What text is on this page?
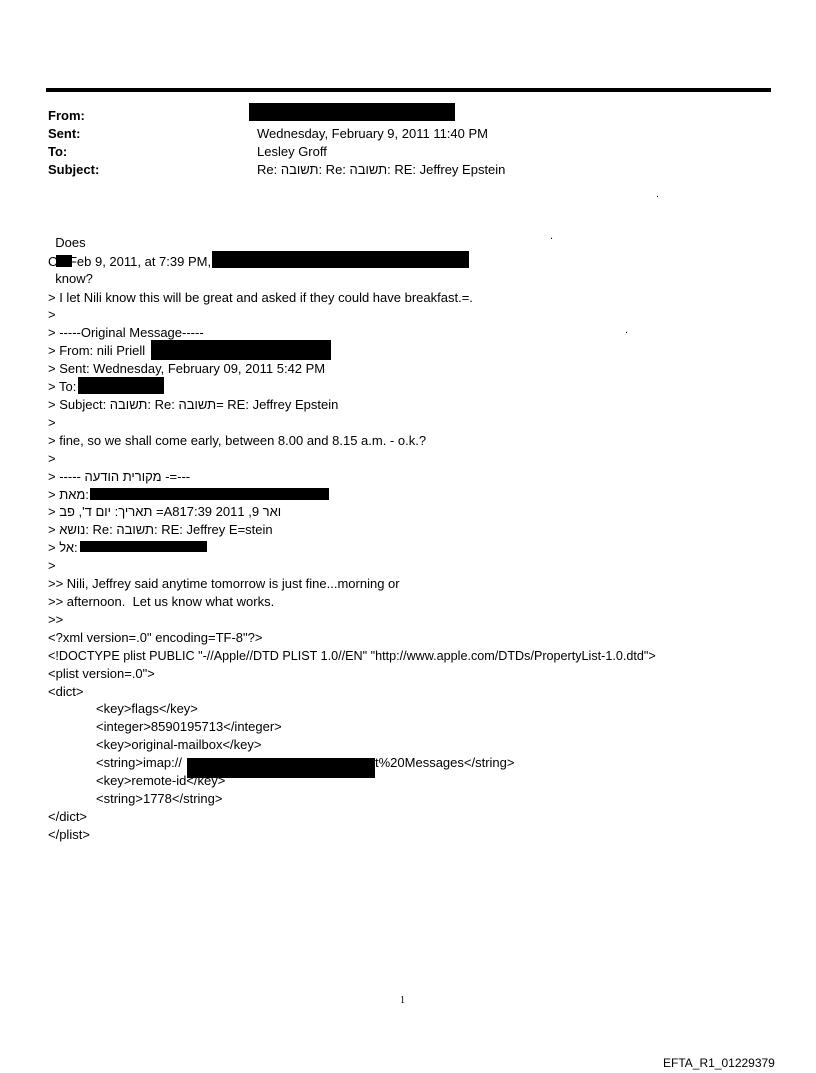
From:
Sent:	Wednesday, February 9, 2011 11:40 PM
To:	Lesley Groff
Subject:	Re: תשובה: Re: תשובה: RE: Jeffrey Epstein
.

Does

know?

.
On Feb 9, 2011, at 7:39 PM,
> I let Nili know this will be great and asked if they could have breakfast.=.
>
> -----Original Message-----	.
> From: nili Priell
> Sent: Wednesday, February 09, 2011 5:42 PM
> To:
> Subject: תשובה: Re: תשובה= RE: Jeffrey Epstein
>
> fine, so we shall come early, between 8.00 and 8.15 a.m. - o.k.?
>
> ----- מקורית הודעה -=---
> מאת:
> תאריך: יום ד', פב =A8ואר 9, 2011 17:39
> נושא: Re: תשובה: RE: Jeffrey E=stein
> אל:
>
>> Nili, Jeffrey said anytime tomorrow is just fine...morning or
>> afternoon.  Let us know what works.
>>
<?xml version=.0" encoding=TF-8"?>
<!DOCTYPE plist PUBLIC "-//Apple//DTD PLIST 1.0//EN" "http://www.apple.com/DTDs/PropertyList-1.0.dtd">
<plist version=.0">
<dict>
<key>flags</key>
<integer>8590195713</integer>
<key>original-mailbox</key>
<string>imap://	t%20Messages</string>
<key>remote-id</key>
<string>1778</string>
</dict>
</plist>
1
EFTA_R1_01229379
